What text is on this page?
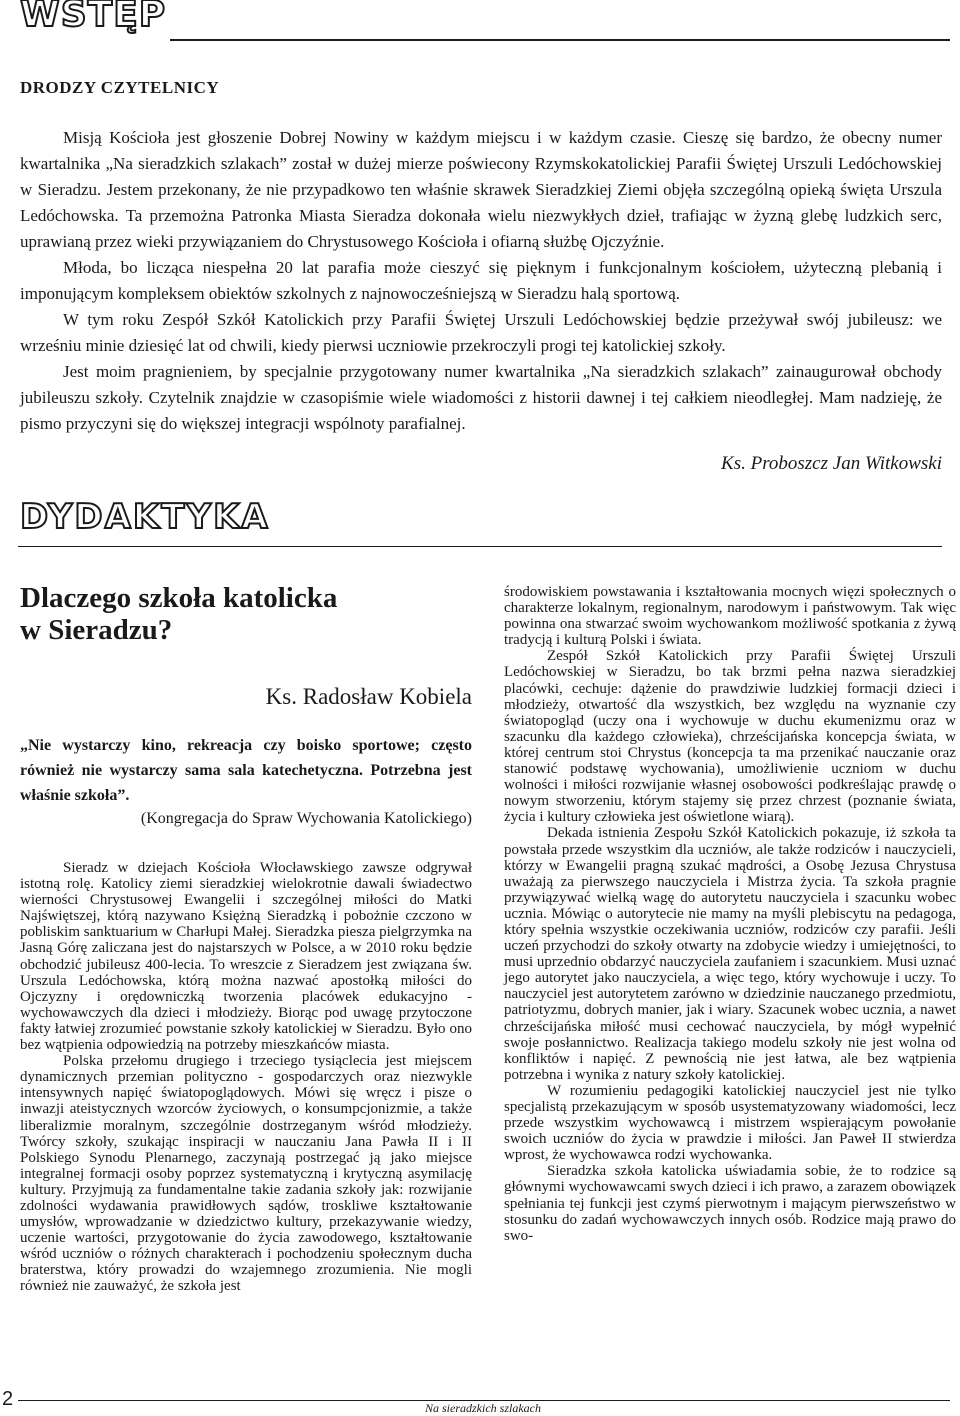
WSTĘP
DRODZY CZYTELNICY

Misją Kościoła jest głoszenie Dobrej Nowiny w każdym miejscu i w każdym czasie. Cieszę się bardzo, że obecny numer kwartalnika „Na sieradzkich szlakach” został w dużej mierze poświecony Rzymskokatolickiej Parafii Świętej Urszuli Ledóchowskiej w Sieradzu. Jestem przekonany, że nie przypadkowo ten właśnie skrawek Sieradzkiej Ziemi objęła szczególną opieką święta Urszula Ledóchowska. Ta przemożna Patronka Miasta Sieradza dokonała wielu niezwykłych dzieł, trafiając w żyzną glebę ludzkich serc, uprawianą przez wieki przywiązaniem do Chrystusowego Kościoła i ofiarną służbę Ojczyźnie.

Młoda, bo licząca niespełna 20 lat parafia może cieszyć się pięknym i funkcjonalnym kościołem, użyteczną plebanią i imponującym kompleksem obiektów szkolnych z najnowocześniejszą w Sieradzu halą sportową.

W tym roku Zespół Szkół Katolickich przy Parafii Świętej Urszuli Ledóchowskiej będzie przeżywał swój jubileusz: we wrześniu minie dziesięć lat od chwili, kiedy pierwsi uczniowie przekroczyli progi tej katolickiej szkoły.

Jest moim pragnieniem, by specjalnie przygotowany numer kwartalnika „Na sieradzkich szlakach” zainaugurował obchody jubileuszu szkoły. Czytelnik znajdzie w czasopiśmie wiele wiadomości z historii dawnej i tej całkiem nieodległej. Mam nadzieję, że pismo przyczyni się do większej integracji wspólnoty parafialnej.

Ks. Proboszcz Jan Witkowski
DYDAKTYKA
Dlaczego szkoła katolicka
w Sieradzu?
Ks. Radosław Kobiela
„Nie wystarczy kino, rekreacja czy boisko sportowe; często również nie wystarczy sama sala katechetyczna. Potrzebna jest właśnie szkoła”.
(Kongregacja do Spraw Wychowania Katolickiego)

Sieradz w dziejach Kościoła Włocławskiego zawsze odgrywał istotną rolę. Katolicy ziemi sieradzkiej wielokrotnie dawali świadectwo wierności Chrystusowej Ewangelii i szczególnej miłości do Matki Najświętszej, którą nazywano Księżną Sieradzką i pobożnie czczono w pobliskim sanktuarium w Charłupi Małej. Sieradzka piesza pielgrzymka na Jasną Górę zaliczana jest do najstarszych w Polsce, a w 2010 roku będzie obchodzić jubileusz 400-lecia. To wreszcie z Sieradzem jest związana św. Urszula Ledóchowska, którą można nazwać apostołką miłości do Ojczyzny i orędowniczką tworzenia placówek edukacyjno - wychowawczych dla dzieci i młodzieży. Biorąc pod uwagę przytoczone fakty łatwiej zrozumieć powstanie szkoły katolickiej w Sieradzu. Było ono bez wątpienia odpowiedzią na potrzeby mieszkańców miasta.

Polska przełomu drugiego i trzeciego tysiąclecia jest miejscem dynamicznych przemian polityczno - gospodarczych oraz niezwykle intensywnych napięć światopoglądowych. Mówi się wręcz i pisze o inwazji ateistycznych wzorców życiowych, o konsumpcjonizmie, a także liberalizmie moralnym, szczególnie dostrzeganym wśród młodzieży. Twórcy szkoły, szukając inspiracji w nauczaniu Jana Pawła II i II Polskiego Synodu Plenarnego, zaczynają postrzegać ją jako miejsce integralnej formacji osoby poprzez systematyczną i krytyczną asymilację kultury. Przyjmują za fundamentalne takie zadania szkoły jak: rozwijanie zdolności wydawania prawidłowych sądów, troskliwe kształtowanie umysłów, wprowadzanie w dziedzictwo kultury, przekazywanie wiedzy, uczenie wartości, przygotowanie do życia zawodowego, kształtowanie wśród uczniów o różnych charakterach i pochodzeniu społecznym ducha braterstwa, który prowadzi do wzajemnego zrozumienia. Nie mogli również nie zauważyć, że szkoła jest

środowiskiem powstawania i kształtowania mocnych więzi społecznych o charakterze lokalnym, regionalnym, narodowym i państwowym. Tak więc powinna ona stwarzać swoim wychowankom możliwość spotkania z żywą tradycją i kulturą Polski i świata.

Zespół Szkół Katolickich przy Parafii Świętej Urszuli Ledóchowskiej w Sieradzu, bo tak brzmi pełna nazwa sieradzkiej placówki, cechuje: dążenie do prawdziwie ludzkiej formacji dzieci i młodzieży, otwartość dla wszystkich, bez względu na wyznanie czy światopogląd (uczy ona i wychowuje w duchu ekumenizmu oraz w szacunku dla każdego człowieka), chrześcijańska koncepcja świata, w której centrum stoi Chrystus (koncepcja ta ma przenikać nauczanie oraz stanowić podstawę wychowania), umożliwienie uczniom w duchu wolności i miłości rozwijanie własnej osobowości podkreślając prawdę o nowym stworzeniu, którym stajemy się przez chrzest (poznanie świata, życia i kultury człowieka jest oświetlone wiarą).

Dekada istnienia Zespołu Szkół Katolickich pokazuje, iż szkoła ta powstała przede wszystkim dla uczniów, ale także rodziców i nauczycieli, którzy w Ewangelii pragną szukać mądrości, a Osobę Jezusa Chrystusa uważają za pierwszego nauczyciela i Mistrza życia. Ta szkoła pragnie przywiązywać wielką wagę do autorytetu nauczyciela i szacunku wobec ucznia. Mówiąc o autorytecie nie mamy na myśli plebiscytu na pedagoga, który spełnia wszystkie oczekiwania uczniów, rodziców czy parafii. Jeśli uczeń przychodzi do szkoły otwarty na zdobycie wiedzy i umiejętności, to musi uprzednio obdarzyć nauczyciela zaufaniem i szacunkiem. Musi uznać jego autorytet jako nauczyciela, a więc tego, który wychowuje i uczy. To nauczyciel jest autorytetem zarówno w dziedzinie nauczanego przedmiotu, patriotyzmu, dobrych manier, jak i wiary. Szacunek wobec ucznia, a nawet chrześcijańska miłość musi cechować nauczyciela, by mógł wypełnić swoje posłannictwo. Realizacja takiego modelu szkoły nie jest wolna od konfliktów i napięć. Z pewnością nie jest łatwa, ale bez wątpienia potrzebna i wynika z natury szkoły katolickiej.

W rozumieniu pedagogiki katolickiej nauczyciel jest nie tylko specjalistą przekazującym w sposób usystematyzowany wiadomości, lecz przede wszystkim wychowawcą i mistrzem wspierającym powołanie swoich uczniów do życia w prawdzie i miłości. Jan Paweł II stwierdza wprost, że wychowawca rodzi wychowanka.

Sieradzka szkoła katolicka uświadamia sobie, że to rodzice są głównymi wychowawcami swych dzieci i ich prawo, a zarazem obowiązek spełniania tej funkcji jest czymś pierwotnym i mającym pierwszeństwo w stosunku do zadań wychowawczych innych osób. Rodzice mają prawo do swo-

2	Na sieradzkich szlakach
